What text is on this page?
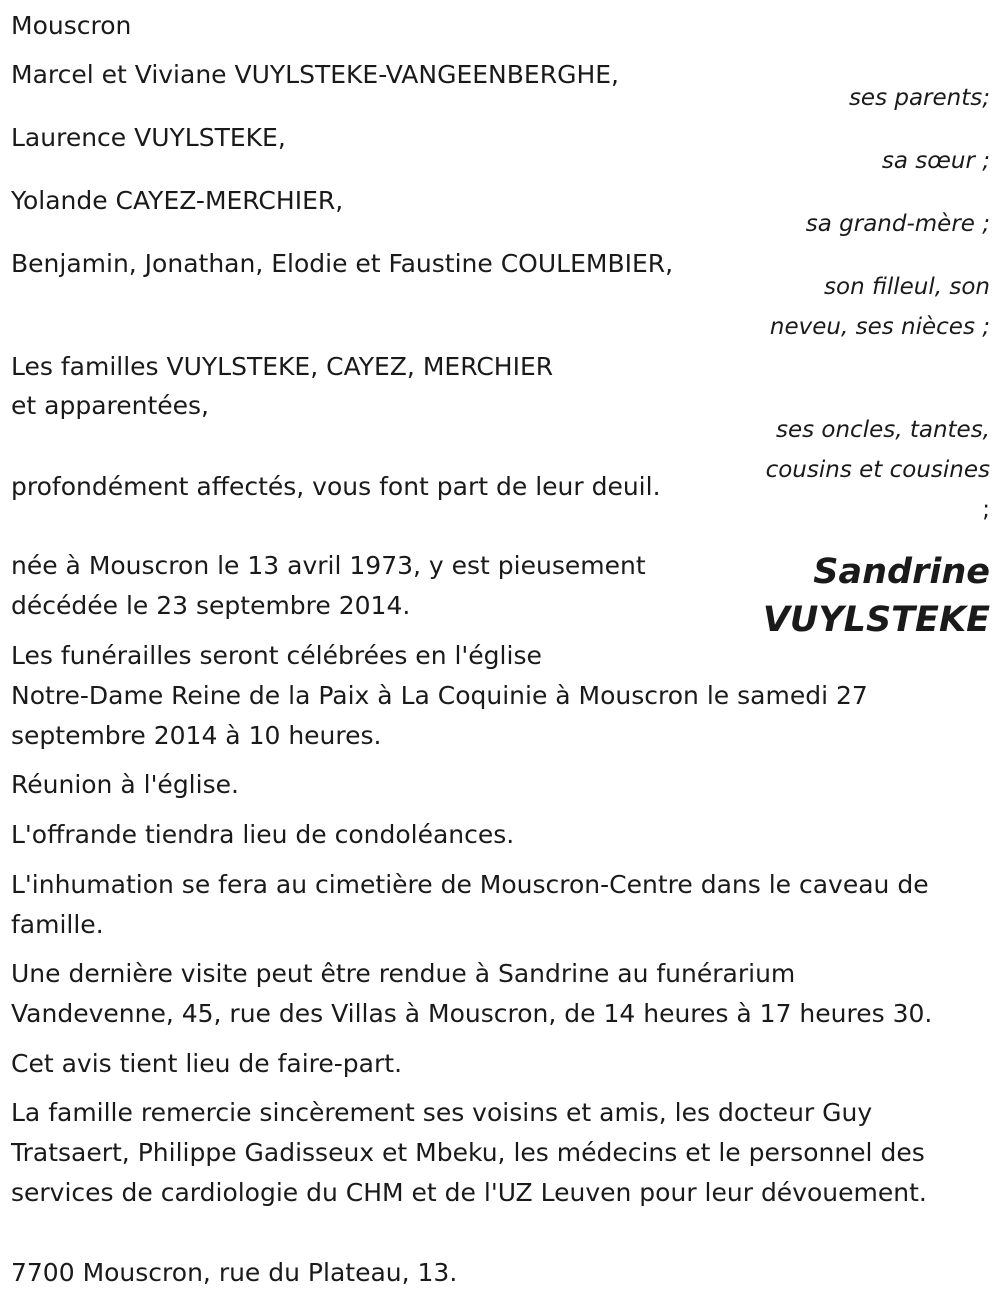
Mouscron
Marcel et Viviane VUYLSTEKE-VANGEENBERGHE,
ses parents;
Laurence VUYLSTEKE,
sa sœur ;
Yolande CAYEZ-MERCHIER,
sa grand-mère ;
Benjamin, Jonathan, Elodie et Faustine COULEMBIER,
son filleul, son
neveu, ses nièces ;
Les familles VUYLSTEKE, CAYEZ, MERCHIER
et apparentées,
ses oncles, tantes,
cousins et cousines
;
profondément affectés, vous font part de leur deuil.
Sandrine
VUYLSTEKE
née à Mouscron le 13 avril 1973, y est pieusement
décédée le 23 septembre 2014.
Les funérailles seront célébrées en l'église
Notre-Dame Reine de la Paix à La Coquinie à Mouscron le samedi 27
septembre 2014 à 10 heures.
Réunion à l'église.
L'offrande tiendra lieu de condoléances.
L'inhumation se fera au cimetière de Mouscron-Centre dans le caveau de
famille.
Une dernière visite peut être rendue à Sandrine au funérarium
Vandevenne, 45, rue des Villas à Mouscron, de 14 heures à 17 heures 30.
Cet avis tient lieu de faire-part.
La famille remercie sincèrement ses voisins et amis, les docteur Guy
Tratsaert, Philippe Gadisseux et Mbeku, les médecins et le personnel des
services de cardiologie du CHM et de l'UZ Leuven pour leur dévouement.
7700 Mouscron, rue du Plateau, 13.
